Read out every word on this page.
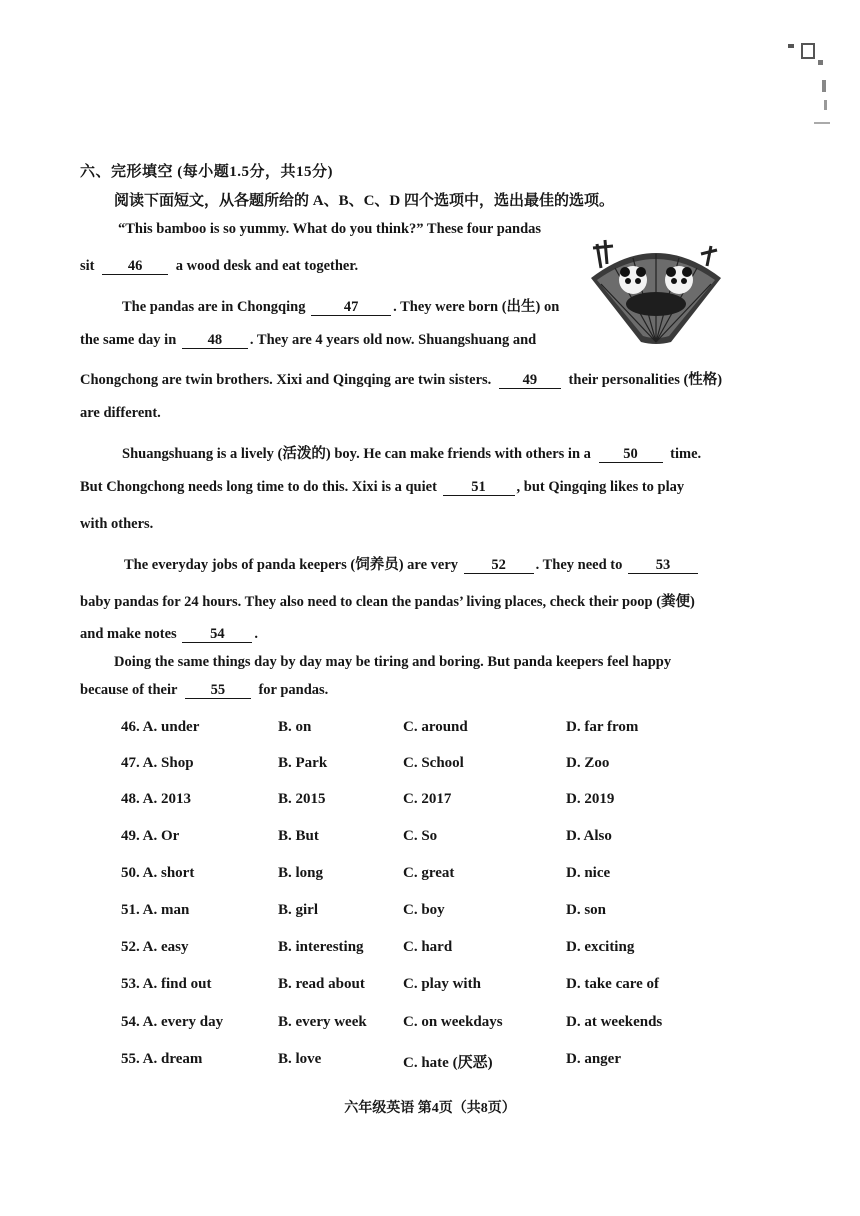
六、完形填空 (每小题1.5分，共15分)
阅读下面短文，从各题所给的 A、B、C、D 四个选项中，选出最佳的选项。
“This bamboo is so yummy. What do you think?” These four pandas
sit 46 a wood desk and eat together.
The pandas are in Chongqing	47 . They were born (出生) on
the same day in 48 . They are 4 years old now. Shuangshuang and
Chongchong are twin brothers. Xixi and Qingqing are twin sisters. 49 their personalities (性格)
are different.
Shuangshuang is a lively (活泼的) boy. He can make friends with others in a 50 time.
But Chongchong needs long time to do this. Xixi is a quiet 51 , but Qingqing likes to play
with others.
The everyday jobs of panda keepers (饲养员) are very 52 . They need to 53
baby pandas for 24 hours. They also need to clean the pandas’ living places, check their poop (粪便)
and make notes 54 .
Doing the same things day by day may be tiring and boring. But panda keepers feel happy
because of their 55 for pandas.
46. A. under	B. on	C. around	D. far from
47. A. Shop	B. Park	C. School	D. Zoo
48. A. 2013	B. 2015	C. 2017	D. 2019
49. A. Or	B. But	C. So	D. Also
50. A. short	B. long	C. great	D. nice
51. A. man	B. girl	C. boy	D. son
52. A. easy	B. interesting	C. hard	D. exciting
53. A. find out	B. read about	C. play with	D. take care of
54. A. every day	B. every week C. on weekdays	D. at weekends
55. A. dream	B. love	C. hate (厌恶)	D. anger
六年级英语 第4页（共8页）
